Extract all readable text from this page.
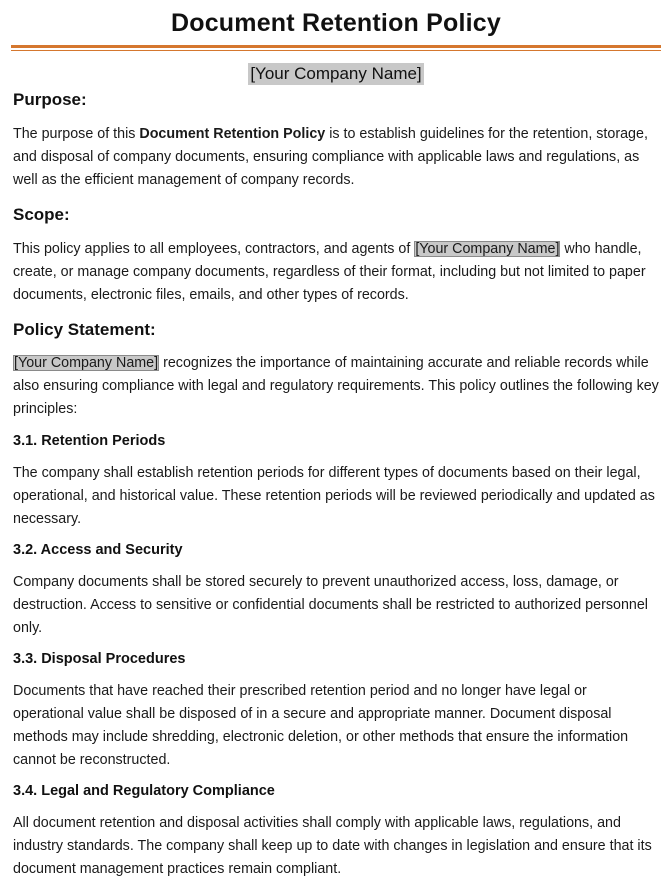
Document Retention Policy
[Your Company Name]
Purpose:

The purpose of this Document Retention Policy is to establish guidelines for the retention, storage, and disposal of company documents, ensuring compliance with applicable laws and regulations, as well as the efficient management of company records.

Scope:

This policy applies to all employees, contractors, and agents of [Your Company Name] who handle, create, or manage company documents, regardless of their format, including but not limited to paper documents, electronic files, emails, and other types of records.

Policy Statement:

[Your Company Name] recognizes the importance of maintaining accurate and reliable records while also ensuring compliance with legal and regulatory requirements. This policy outlines the following key principles:

3.1. Retention Periods

The company shall establish retention periods for different types of documents based on their legal, operational, and historical value. These retention periods will be reviewed periodically and updated as necessary.

3.2. Access and Security

Company documents shall be stored securely to prevent unauthorized access, loss, damage, or destruction. Access to sensitive or confidential documents shall be restricted to authorized personnel only.

3.3. Disposal Procedures

Documents that have reached their prescribed retention period and no longer have legal or operational value shall be disposed of in a secure and appropriate manner. Document disposal methods may include shredding, electronic deletion, or other methods that ensure the information cannot be reconstructed.

3.4. Legal and Regulatory Compliance

All document retention and disposal activities shall comply with applicable laws, regulations, and industry standards. The company shall keep up to date with changes in legislation and ensure that its document management practices remain compliant.
